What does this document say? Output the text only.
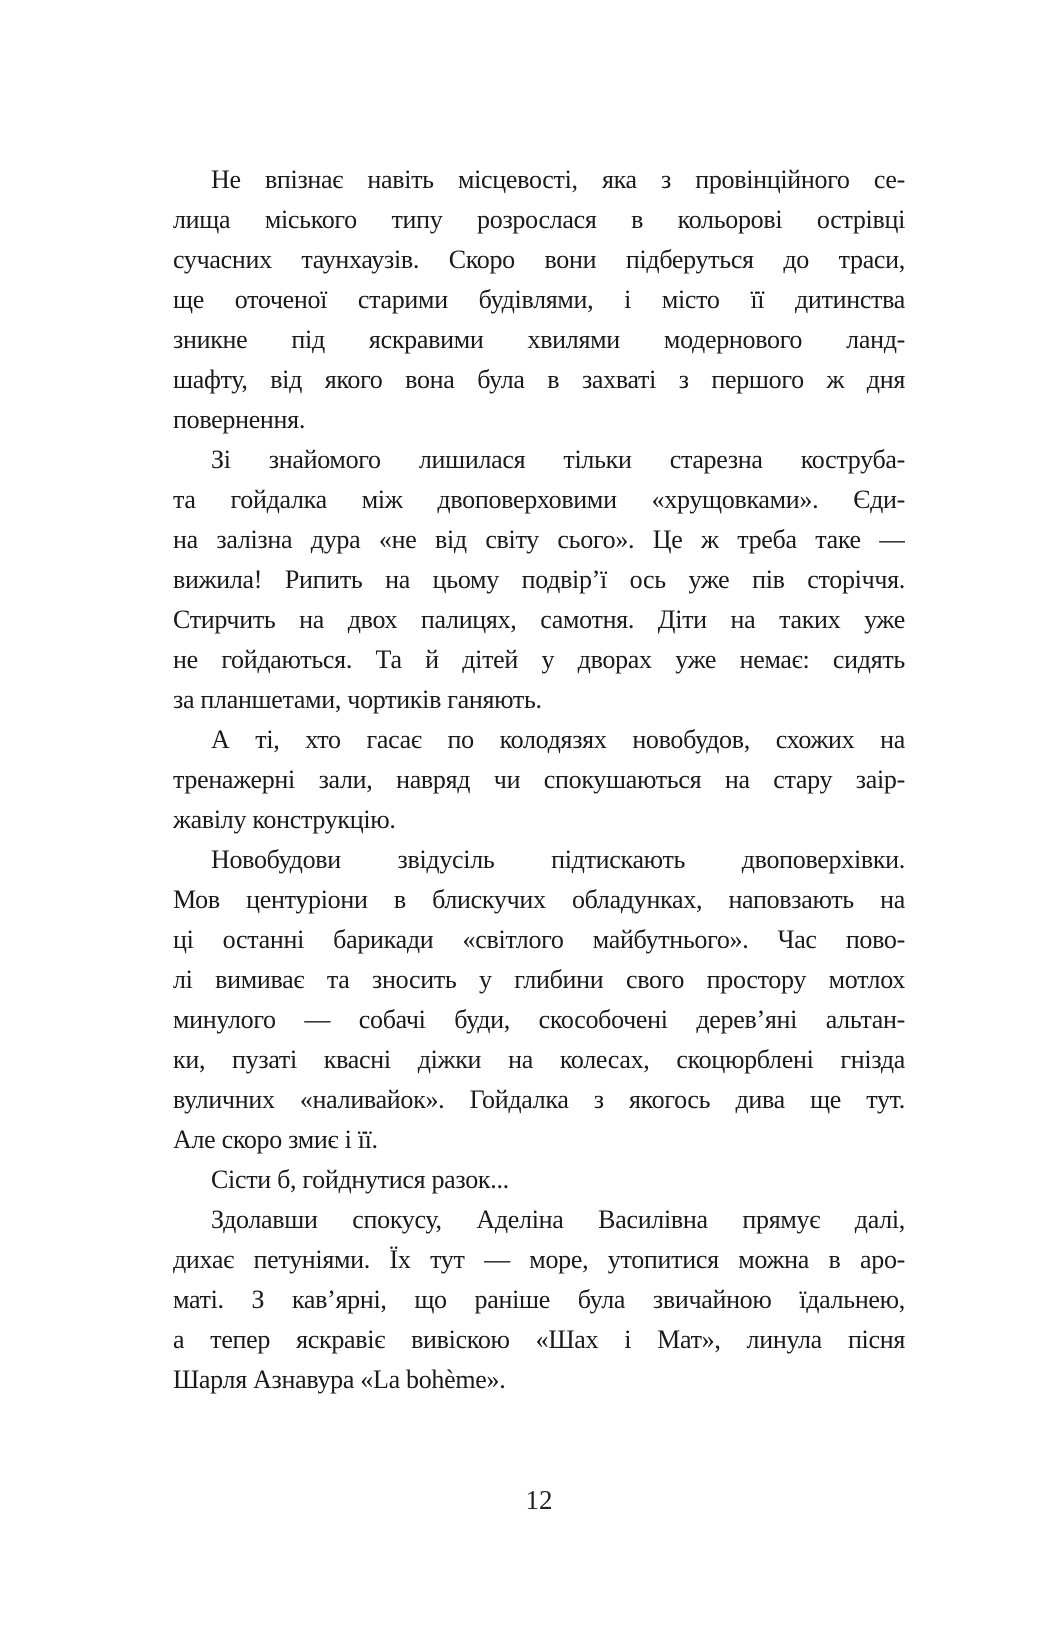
Не впізнає навіть місцевості, яка з провінційного се-
лища міського типу розрослася в кольорові острівці
сучасних таунхаузів. Скоро вони підберуться до траси,
ще оточеної старими будівлями, і місто її дитинства
зникне під яскравими хвилями модернового ланд-
шафту, від якого вона була в захваті з першого ж дня
повернення.
Зі знайомого лишилася тільки старезна коструба-
та гойдалка між двоповерховими «хрущовками». Єди-
на залізна дура «не від світу сього». Це ж треба таке —
вижила! Рипить на цьому подвір’ї ось уже пів сторіччя.
Стирчить на двох палицях, самотня. Діти на таких уже
не гойдаються. Та й дітей у дворах уже немає: сидять
за планшетами, чортиків ганяють.
А ті, хто гасає по колодязях новобудов, схожих на
тренажерні зали, навряд чи спокушаються на стару заір-
жавілу конструкцію.
Новобудови звідусіль підтискають двоповерхівки.
Мов центуріони в блискучих обладунках, наповзають на
ці останні барикади «світлого майбутнього». Час пово-
лі вимиває та зносить у глибини свого простору мотлох
минулого — собачі буди, скособочені дерев’яні альтан-
ки, пузаті квасні діжки на колесах, скоцюрблені гнізда
вуличних «наливайок». Гойдалка з якогось дива ще тут.
Але скоро змиє і її.
Сісти б, гойднутися разок...
Здолавши спокусу, Аделіна Василівна прямує далі,
дихає петуніями. Їх тут — море, утопитися можна в аро-
маті. З кав’ярні, що раніше була звичайною їдальнею,
а тепер яскравіє вивіскою «Шах і Мат», линула пісня
Шарля Азнавура «La bohème».
12
